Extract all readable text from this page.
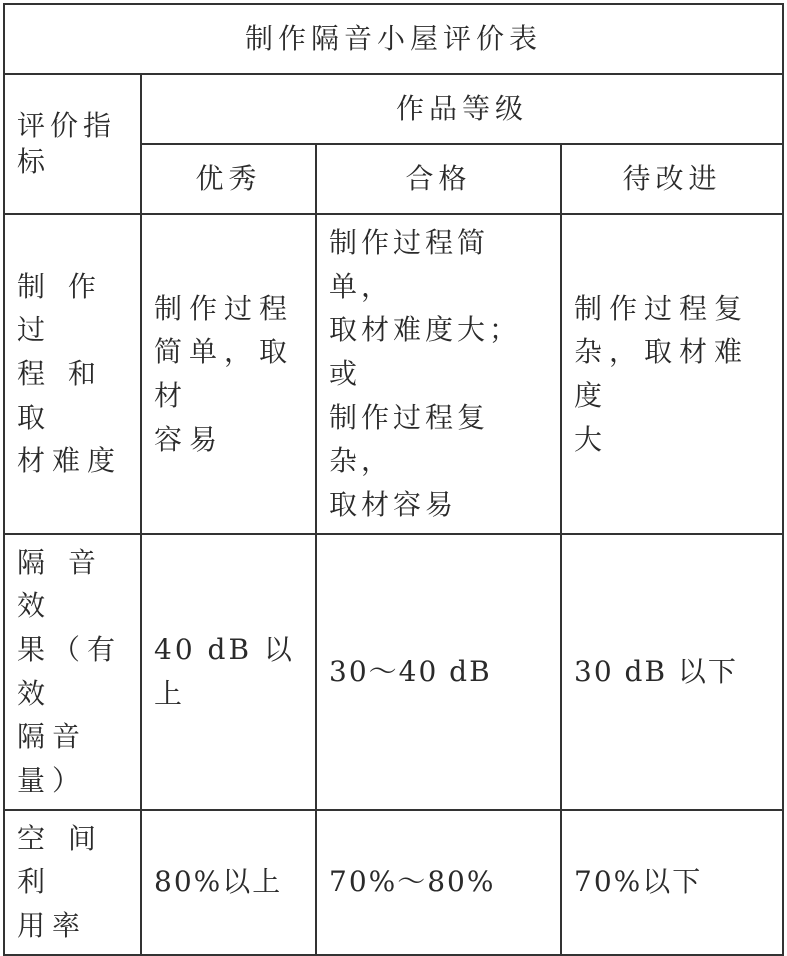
制作隔音小屋评价表			
评价指标	作品等级		
	优秀	合格	待改进

制 作 过
程 和 取
材难度	制作过程
简单，取材
容易	制作过程简单，
取材难度大；或
制作过程复杂，
取材容易	制作过程复
杂，取材难度
大

隔 音 效
果（有效
隔音量）	40 dB 以
上	30～40 dB	30 dB 以下

空 间 利
用率	80%以上	70%～80%	70%以下
